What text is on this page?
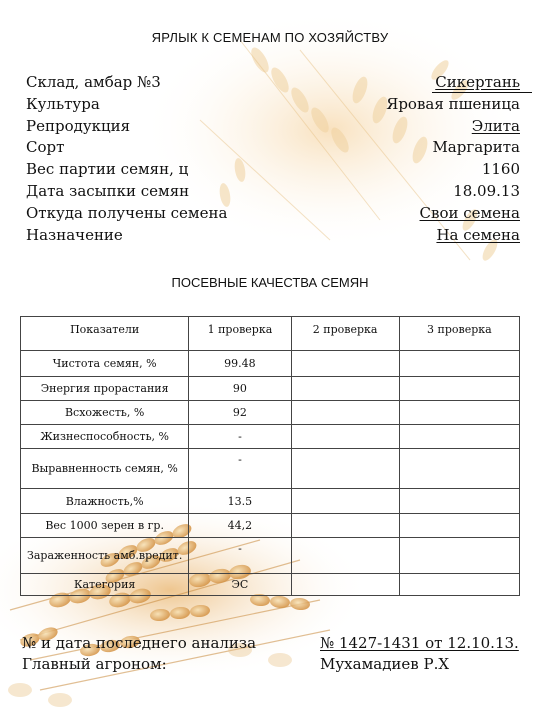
ЯРЛЫК К СЕМЕНАМ ПО ХОЗЯЙСТВУ
Склад, амбар №3	Сикертань
Культура	Яровая пшеница
Репродукция	Элита
Сорт	Маргарита
Вес партии семян, ц	1160
Дата засыпки семян	18.09.13
Откуда получены семена	Свои семена
Назначение	На семена
ПОСЕВНЫЕ КАЧЕСТВА СЕМЯН
Показатели	1 проверка	2 проверка	3 проверка
Чистота семян, %	99.48		
Энергия прорастания	90		
Всхожесть, %	92		
Жизнеспособность, %	-		
Выравненность семян, %	-		
Влажность,%	13.5		
Вес 1000 зерен в гр.	44,2		
Зараженность амб.вредит.	-		
Категория	ЭС		
№ и дата последнего анализа	№ 1427-1431 от 12.10.13.
Главный агроном:	Мухамадиев Р.Х
